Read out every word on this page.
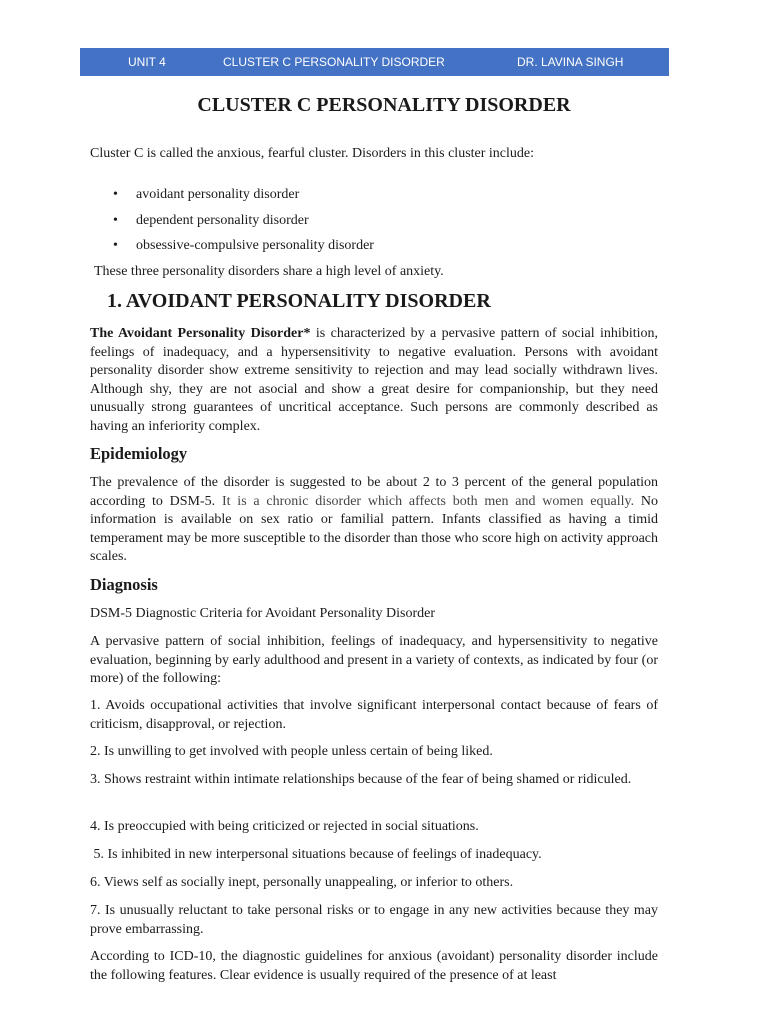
UNIT 4	CLUSTER C PERSONALITY DISORDER	DR. LAVINA SINGH
CLUSTER C PERSONALITY DISORDER

Cluster C is called the anxious, fearful cluster. Disorders in this cluster include:

• avoidant personality disorder
• dependent personality disorder
• obsessive-compulsive personality disorder

These three personality disorders share a high level of anxiety.

1. AVOIDANT PERSONALITY DISORDER

The Avoidant Personality Disorder* is characterized by a pervasive pattern of social inhibition, feelings of inadequacy, and a hypersensitivity to negative evaluation. Persons with avoidant personality disorder show extreme sensitivity to rejection and may lead socially withdrawn lives. Although shy, they are not asocial and show a great desire for companionship, but they need unusually strong guarantees of uncritical acceptance. Such persons are commonly described as having an inferiority complex.

Epidemiology

The prevalence of the disorder is suggested to be about 2 to 3 percent of the general population according to DSM-5. It is a chronic disorder which affects both men and women equally. No information is available on sex ratio or familial pattern. Infants classified as having a timid temperament may be more susceptible to the disorder than those who score high on activity approach scales.

Diagnosis

DSM-5 Diagnostic Criteria for Avoidant Personality Disorder

A pervasive pattern of social inhibition, feelings of inadequacy, and hypersensitivity to negative evaluation, beginning by early adulthood and present in a variety of contexts, as indicated by four (or more) of the following:

1. Avoids occupational activities that involve significant interpersonal contact because of fears of criticism, disapproval, or rejection.

2. Is unwilling to get involved with people unless certain of being liked.

3. Shows restraint within intimate relationships because of the fear of being shamed or ridiculed.

4. Is preoccupied with being criticized or rejected in social situations.

5. Is inhibited in new interpersonal situations because of feelings of inadequacy.

6. Views self as socially inept, personally unappealing, or inferior to others.

7. Is unusually reluctant to take personal risks or to engage in any new activities because they may prove embarrassing.

According to ICD-10, the diagnostic guidelines for anxious (avoidant) personality disorder include the following features. Clear evidence is usually required of the presence of at least
